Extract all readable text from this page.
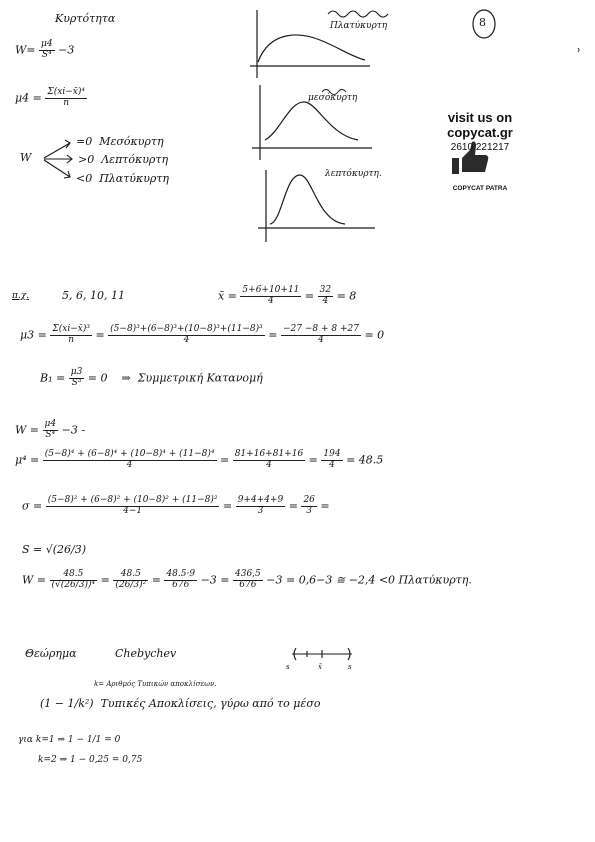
Κυρτότητα
$W= \frac{\mu 4}{\text{S⁴}} -3$
$\mu 4 = \frac{\text{Σ(xi−x̄)⁴}}{n}$
W
=0 Μεσόκυρτη
>0 Λεπτόκυρτη
<0 Πλατύκυρτη
Πλατύκυρτη
μεσόκυρτη
λεπτόκυρτη.
8
visit us on
copycat.gr
2610 221217
COPYCAT PATRA
π.χ.	5, 6, 10, 11	x̄ = $\frac{5+6+10+11}{4} = \frac{32}{4} = 8$
$\mu 3 = \frac{\text{Σ(xi−x̄)³}}{n} = \frac{\text{(5−8)³+(6−8)³+(10−8)³+(11−8)³}}{4} = \frac{-27 -8 + 8 +27}{4} = 0$
$B_1 = \frac{\mu 3}{\text{S³}} = 0$ ⇒ Συμμετρική Κατανομή
$W = \frac{\mu 4}{\text{S⁴}} -3$ -
$\mu^4 = \frac{\text{(5−8)⁴ + (6−8)⁴ + (10−8)⁴ + (11−8)⁴}}{4} = \frac{81+16+81+16}{4} = \frac{194}{4} = 48.5$
$\sigma = \frac{\text{(5−8)² + (6−8)² + (10−8)² + (11−8)²}}{4-1} = \frac{9+4+4+9}{3} = \frac{26}{3}$ =
S = √(26/3)
$W = \frac{48.5}{\text{(√(26/3))⁴}} = \frac{48.5}{\text{(26/3)²}} = \frac{48.5\cdot 9}{676} -3 = \frac{436,5}{676} -3 = 0,6-3$ ≅ −2,4 <0 Πλατύκυρτη.
Θεώρημα	Chebychev
s	x̄	s
k= Αριθμός Τυπικών αποκλίσεων.
(1 − 1/k²) Τυπικές Αποκλίσεις, γύρω από το μέσο
για k=1 ⇒ 1 − 1/1 = 0
k=2 ⇒ 1 − 0,25 = 0,75
